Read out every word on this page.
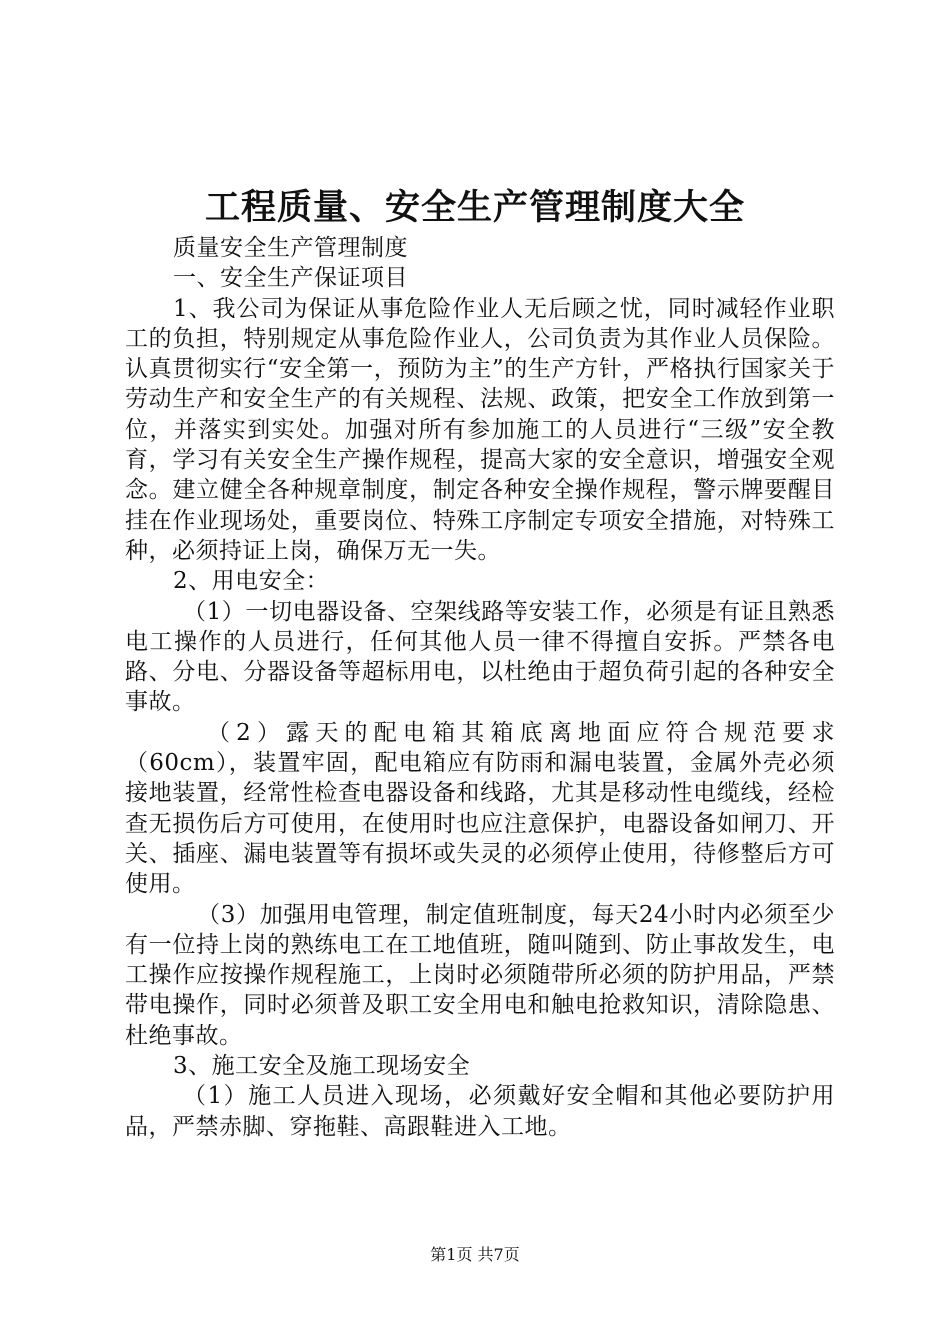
工程质量、安全生产管理制度大全

质量安全生产管理制度

一、安全生产保证项目

1、我公司为保证从事危险作业人无后顾之忧，同时减轻作业职工的负担，特别规定从事危险作业人，公司负责为其作业人员保险。认真贯彻实行“安全第一，预防为主”的生产方针，严格执行国家关于劳动生产和安全生产的有关规程、法规、政策，把安全工作放到第一位，并落实到实处。加强对所有参加施工的人员进行“三级”安全教育，学习有关安全生产操作规程，提高大家的安全意识，增强安全观念。建立健全各种规章制度，制定各种安全操作规程，警示牌要醒目挂在作业现场处，重要岗位、特殊工序制定专项安全措施，对特殊工种，必须持证上岗，确保万无一失。

2、用电安全：

（1）一切电器设备、空架线路等安装工作，必须是有证且熟悉电工操作的人员进行，任何其他人员一律不得擅自安拆。严禁各电路、分电、分器设备等超标用电，以杜绝由于超负荷引起的各种安全事故。

（2）露天的配电箱其箱底离地面应符合规范要求（60cm），装置牢固，配电箱应有防雨和漏电装置，金属外壳必须接地装置，经常性检查电器设备和线路，尤其是移动性电缆线，经检查无损伤后方可使用，在使用时也应注意保护，电器设备如闸刀、开关、插座、漏电装置等有损坏或失灵的必须停止使用，待修整后方可使用。

（3）加强用电管理，制定值班制度，每天24小时内必须至少有一位持上岗的熟练电工在工地值班，随叫随到、防止事故发生，电工操作应按操作规程施工，上岗时必须随带所必须的防护用品，严禁带电操作，同时必须普及职工安全用电和触电抢救知识，清除隐患、杜绝事故。

3、施工安全及施工现场安全

（1）施工人员进入现场，必须戴好安全帽和其他必要防护用品，严禁赤脚、穿拖鞋、高跟鞋进入工地。

第1页 共7页
